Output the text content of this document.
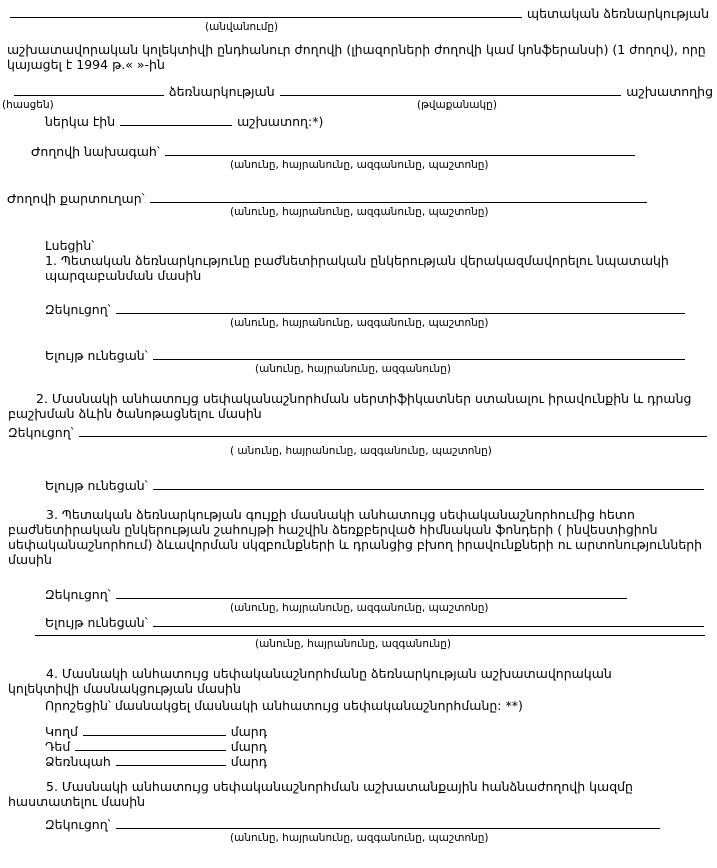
պետական ձեռնարկության
(անվանումը)

աշխատավորական կոլեկտիվի ընդհանուր ժողովի (լիազորների ժողովի կամ կոնֆերանսի) (1 ժողով), որը կայացել է 1994 թ.« »-ին

ձեռնարկության	աշխատողից
(հասցեն)	(թվաքանակը)
ներկա էին	աշխատող:*)
Ժողովի նախագահ՝
(անունը, հայրանունը, ազգանունը, պաշտոնը)
Ժողովի քարտուղար՝
(անունը, հայրանունը, ազգանունը, պաշտոնը)
Լսեցին՝

1. Պետական ձեռնարկությունը բաժնետիրական ընկերության վերակազմավորելու նպատակի պարզաբանման մասին

Զեկուցող՝
(անունը, հայրանունը, ազգանունը, պաշտոնը)
Ելույթ ունեցան՝
(անունը, հայրանունը, ազգանունը)

2. Մասնակի անհատույց սեփականաշնորհման սերտիֆիկատներ ստանալու իրավունքին և դրանց բաշխման ձևին ծանոթացնելու մասին

Զեկուցող՝
( անունը, հայրանունը, ազգանունը, պաշտոնը)
Ելույթ ունեցան՝

3. Պետական ձեռնարկության գույքի մասնակի անհատույց սեփականաշնորհումից հետո բաժնետիրական ընկերության շահույթի հաշվին ձեռքբերված հիմնական ֆոնդերի ( ինվեստիցիոն սեփականաշնորհում) ձևավորման սկզբունքների և դրանցից բխող իրավունքների ու արտոնությունների մասին

Զեկուցող՝
(անունը, հայրանունը, ազգանունը, պաշտոնը)
Ելույթ ունեցան՝
(անունը, հայրանունը, ազգանունը)

4. Մասնակի անհատույց սեփականաշնորհմանը ձեռնարկության աշխատավորական կոլեկտիվի մասնակցության մասին

Որոշեցին՝ մասնակցել մասնակի անհատույց սեփականաշնորհմանը: **)
Կողմ	մարդ
Դեմ	մարդ
Ձեռնպահ	մարդ

5. Մասնակի անհատույց սեփականաշնորհման աշխատանքային հանձնաժողովի կազմը հաստատելու մասին

Զեկուցող՝
(անունը, հայրանունը, ազգանունը, պաշտոնը)
